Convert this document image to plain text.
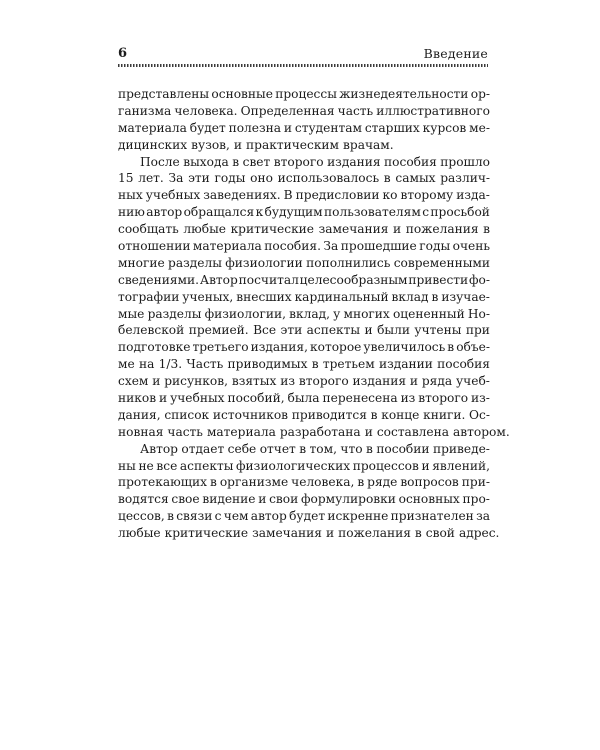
6	Введение
представлены основные процессы жизнедеятельности ор-
ганизма человека. Определенная часть иллюстративного
материала будет полезна и студентам старших курсов ме-
дицинских вузов, и практическим врачам.
После выхода в свет второго издания пособия прошло
15 лет. За эти годы оно использовалось в самых различ-
ных учебных заведениях. В предисловии ко второму изда-
нию автор обращался к будущим пользователям с просьбой
сообщать любые критические замечания и пожелания в
отношении материала пособия. За прошедшие годы очень
многие разделы физиологии пополнились современными
сведениями. Автор посчитал целесообразным привести фо-
тографии ученых, внесших кардинальный вклад в изучае-
мые разделы физиологии, вклад, у многих оцененный Но-
белевской премией. Все эти аспекты и были учтены при
подготовке третьего издания, которое увеличилось в объе-
ме на 1/3. Часть приводимых в третьем издании пособия
схем и рисунков, взятых из второго издания и ряда учеб-
ников и учебных пособий, была перенесена из второго из-
дания, список источников приводится в конце книги. Ос-
новная часть материала разработана и составлена автором.
Автор отдает себе отчет в том, что в пособии приведе-
ны не все аспекты физиологических процессов и явлений,
протекающих в организме человека, в ряде вопросов при-
водятся свое видение и свои формулировки основных про-
цессов, в связи с чем автор будет искренне признателен за
любые критические замечания и пожелания в свой адрес.
